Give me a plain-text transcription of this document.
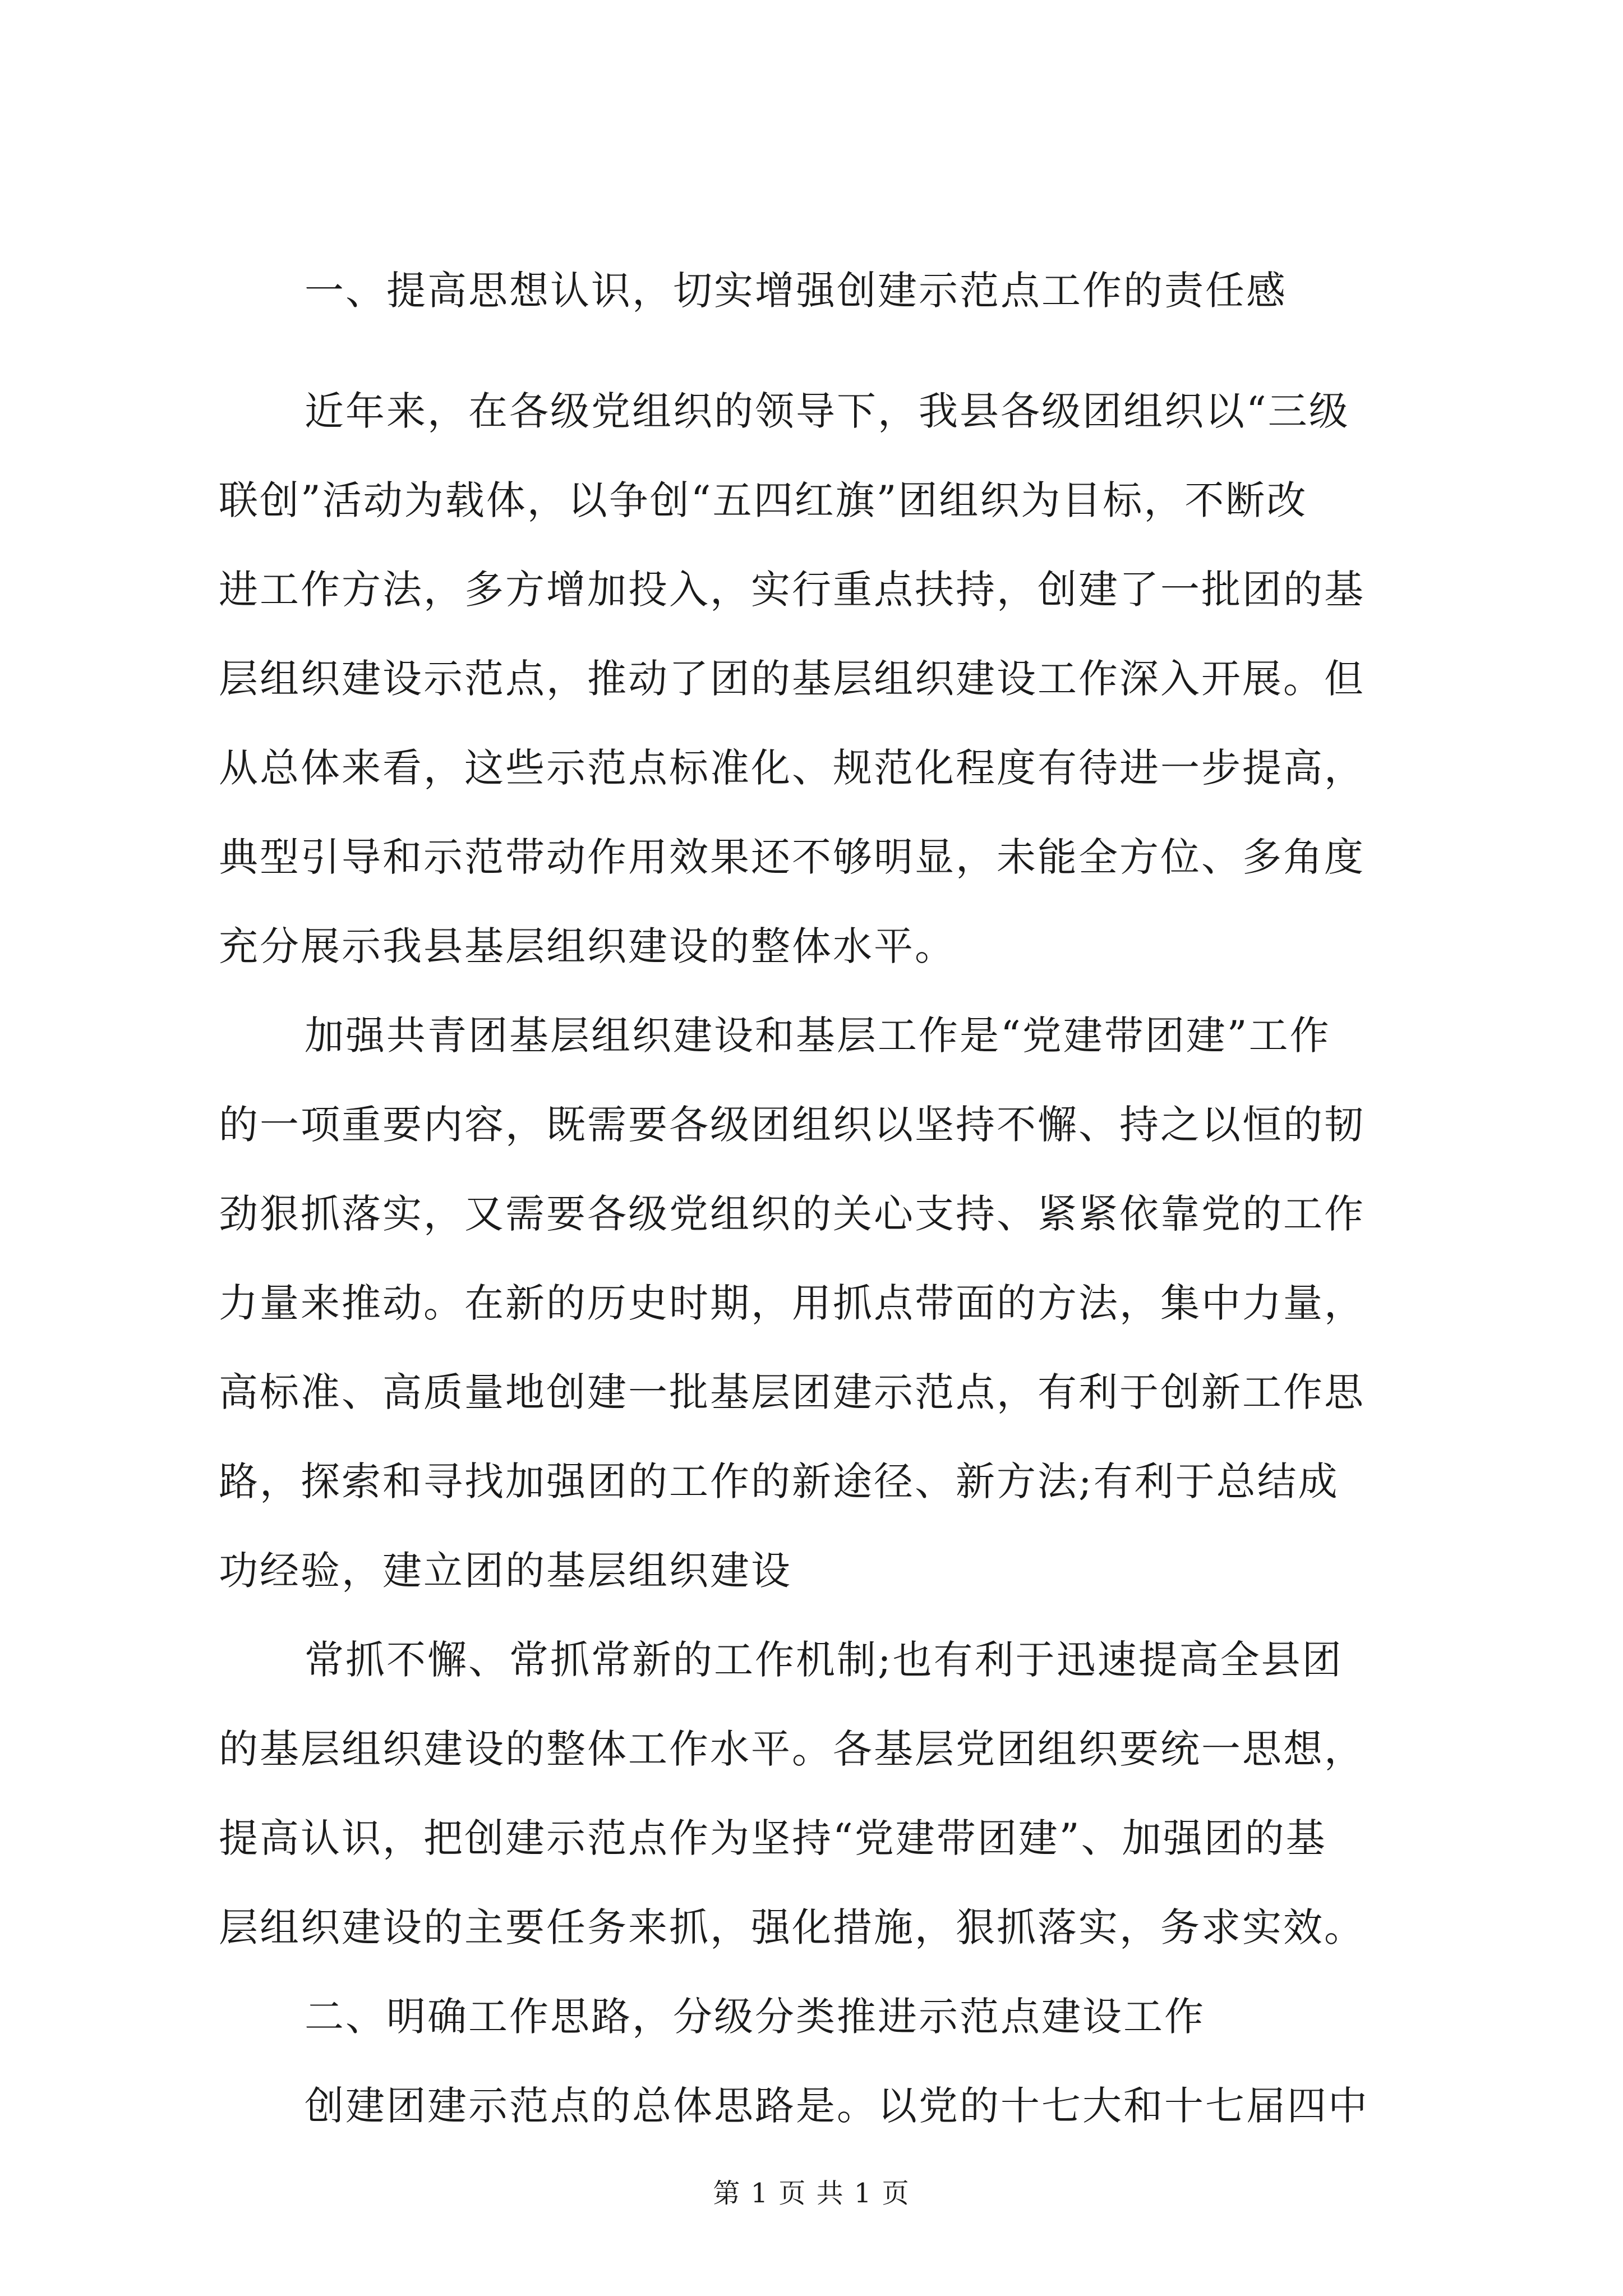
一、提高思想认识，切实增强创建示范点工作的责任感
近年来，在各级党组织的领导下，我县各级团组织以“三级
联创”活动为载体，以争创“五四红旗”团组织为目标，不断改
进工作方法，多方增加投入，实行重点扶持，创建了一批团的基
层组织建设示范点，推动了团的基层组织建设工作深入开展。但
从总体来看，这些示范点标准化、规范化程度有待进一步提高，
典型引导和示范带动作用效果还不够明显，未能全方位、多角度
充分展示我县基层组织建设的整体水平。
加强共青团基层组织建设和基层工作是“党建带团建”工作
的一项重要内容，既需要各级团组织以坚持不懈、持之以恒的韧
劲狠抓落实，又需要各级党组织的关心支持、紧紧依靠党的工作
力量来推动。在新的历史时期，用抓点带面的方法，集中力量，
高标准、高质量地创建一批基层团建示范点，有利于创新工作思
路，探索和寻找加强团的工作的新途径、新方法;有利于总结成
功经验，建立团的基层组织建设
常抓不懈、常抓常新的工作机制;也有利于迅速提高全县团
的基层组织建设的整体工作水平。各基层党团组织要统一思想，
提高认识，把创建示范点作为坚持“党建带团建”、加强团的基
层组织建设的主要任务来抓，强化措施，狠抓落实，务求实效。
二、明确工作思路，分级分类推进示范点建设工作
创建团建示范点的总体思路是。以党的十七大和十七届四中
第 1 页 共 1 页
